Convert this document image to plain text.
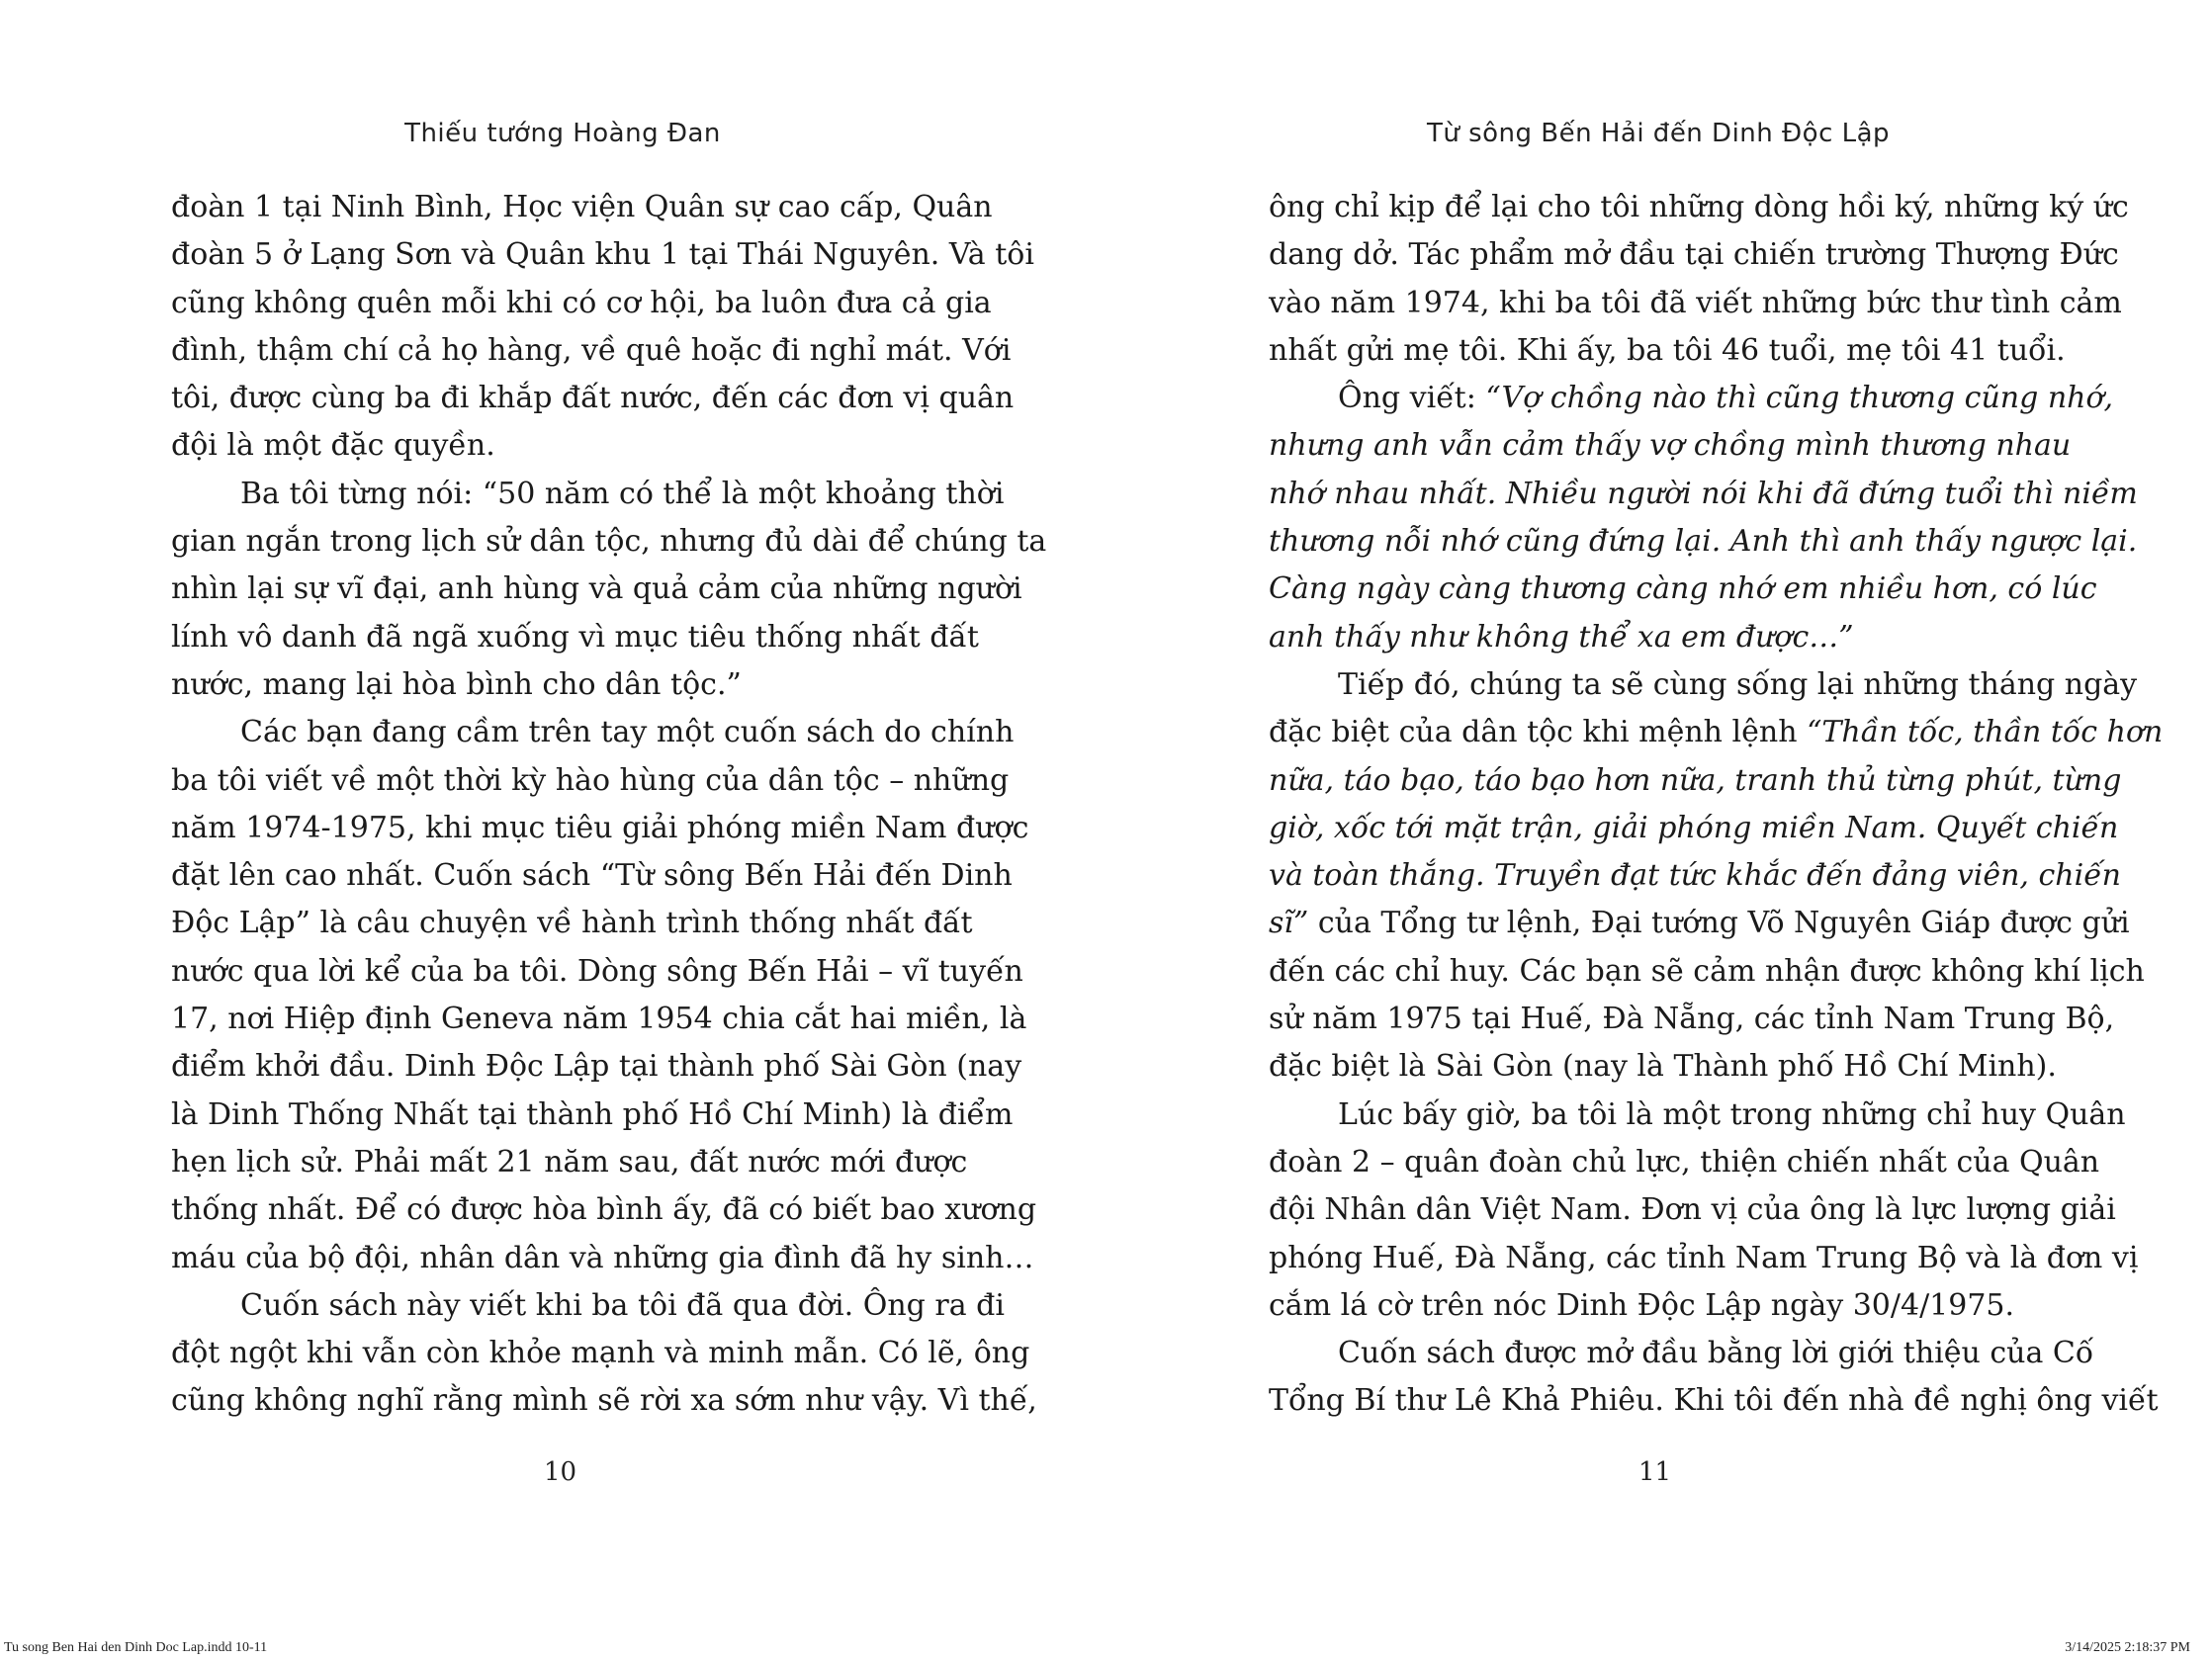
Thiếu tướng Hoàng Đan
đoàn 1 tại Ninh Bình, Học viện Quân sự cao cấp, Quân
đoàn 5 ở Lạng Sơn và Quân khu 1 tại Thái Nguyên. Và tôi
cũng không quên mỗi khi có cơ hội, ba luôn đưa cả gia
đình, thậm chí cả họ hàng, về quê hoặc đi nghỉ mát. Với
tôi, được cùng ba đi khắp đất nước, đến các đơn vị quân
đội là một đặc quyền.
Ba tôi từng nói: “50 năm có thể là một khoảng thời
gian ngắn trong lịch sử dân tộc, nhưng đủ dài để chúng ta
nhìn lại sự vĩ đại, anh hùng và quả cảm của những người
lính vô danh đã ngã xuống vì mục tiêu thống nhất đất
nước, mang lại hòa bình cho dân tộc.”
Các bạn đang cầm trên tay một cuốn sách do chính
ba tôi viết về một thời kỳ hào hùng của dân tộc – những
năm 1974-1975, khi mục tiêu giải phóng miền Nam được
đặt lên cao nhất. Cuốn sách “Từ sông Bến Hải đến Dinh
Độc Lập” là câu chuyện về hành trình thống nhất đất
nước qua lời kể của ba tôi. Dòng sông Bến Hải – vĩ tuyến
17, nơi Hiệp định Geneva năm 1954 chia cắt hai miền, là
điểm khởi đầu. Dinh Độc Lập tại thành phố Sài Gòn (nay
là Dinh Thống Nhất tại thành phố Hồ Chí Minh) là điểm
hẹn lịch sử. Phải mất 21 năm sau, đất nước mới được
thống nhất. Để có được hòa bình ấy, đã có biết bao xương
máu của bộ đội, nhân dân và những gia đình đã hy sinh…
Cuốn sách này viết khi ba tôi đã qua đời. Ông ra đi
đột ngột khi vẫn còn khỏe mạnh và minh mẫn. Có lẽ, ông
cũng không nghĩ rằng mình sẽ rời xa sớm như vậy. Vì thế,
10
Từ sông Bến Hải đến Dinh Độc Lập
ông chỉ kịp để lại cho tôi những dòng hồi ký, những ký ức
dang dở. Tác phẩm mở đầu tại chiến trường Thượng Đức
vào năm 1974, khi ba tôi đã viết những bức thư tình cảm
nhất gửi mẹ tôi. Khi ấy, ba tôi 46 tuổi, mẹ tôi 41 tuổi.
Ông viết: “Vợ chồng nào thì cũng thương cũng nhớ,
nhưng anh vẫn cảm thấy vợ chồng mình thương nhau
nhớ nhau nhất. Nhiều người nói khi đã đứng tuổi thì niềm
thương nỗi nhớ cũng đứng lại. Anh thì anh thấy ngược lại.
Càng ngày càng thương càng nhớ em nhiều hơn, có lúc
anh thấy như không thể xa em được…”
Tiếp đó, chúng ta sẽ cùng sống lại những tháng ngày
đặc biệt của dân tộc khi mệnh lệnh “Thần tốc, thần tốc hơn
nữa, táo bạo, táo bạo hơn nữa, tranh thủ từng phút, từng
giờ, xốc tới mặt trận, giải phóng miền Nam. Quyết chiến
và toàn thắng. Truyền đạt tức khắc đến đảng viên, chiến
sĩ” của Tổng tư lệnh, Đại tướng Võ Nguyên Giáp được gửi
đến các chỉ huy. Các bạn sẽ cảm nhận được không khí lịch
sử năm 1975 tại Huế, Đà Nẵng, các tỉnh Nam Trung Bộ,
đặc biệt là Sài Gòn (nay là Thành phố Hồ Chí Minh).
Lúc bấy giờ, ba tôi là một trong những chỉ huy Quân
đoàn 2 – quân đoàn chủ lực, thiện chiến nhất của Quân
đội Nhân dân Việt Nam. Đơn vị của ông là lực lượng giải
phóng Huế, Đà Nẵng, các tỉnh Nam Trung Bộ và là đơn vị
cắm lá cờ trên nóc Dinh Độc Lập ngày 30/4/1975.
Cuốn sách được mở đầu bằng lời giới thiệu của Cố
Tổng Bí thư Lê Khả Phiêu. Khi tôi đến nhà đề nghị ông viết
11
Tu song Ben Hai den Dinh Doc Lap.indd 10-11	3/14/2025 2:18:37 PM
